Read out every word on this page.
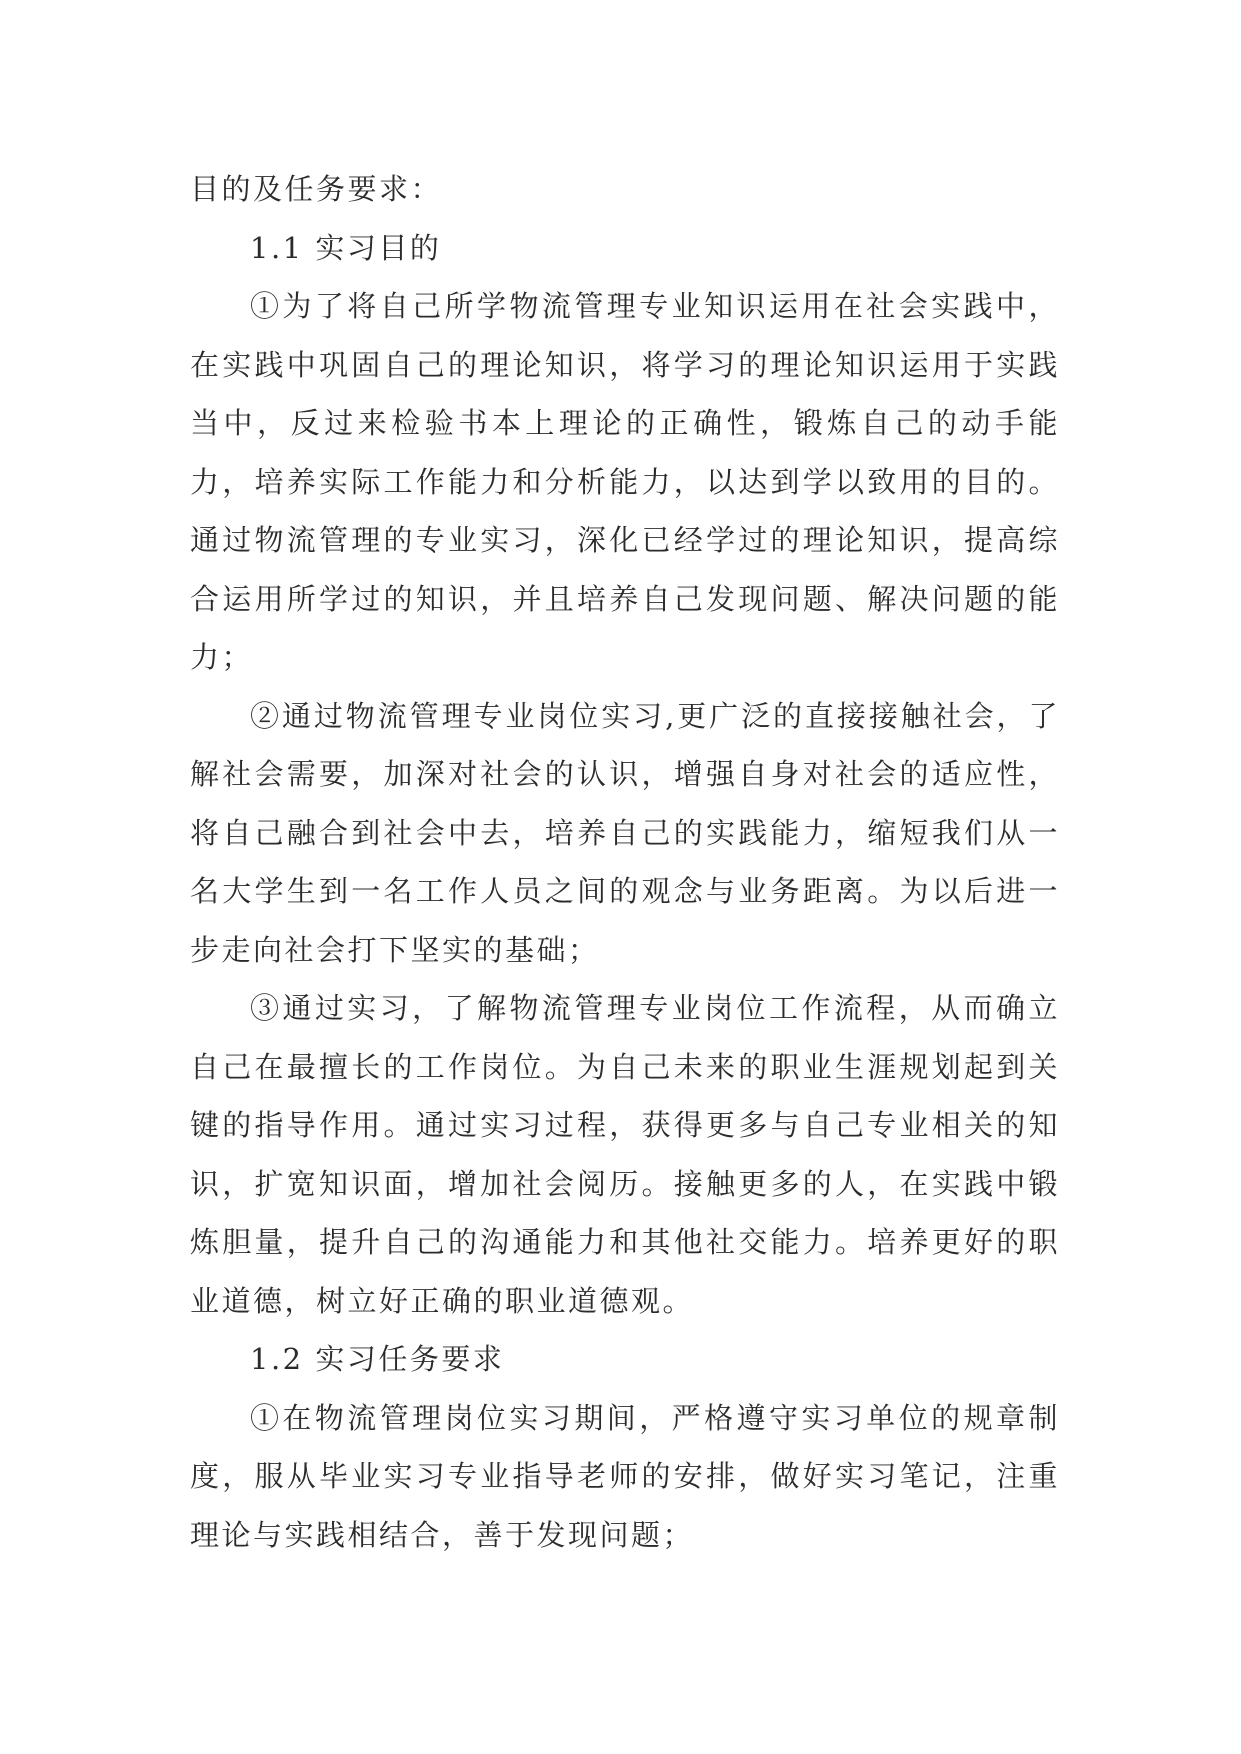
目的及任务要求：

1.1 实习目的

①为了将自己所学物流管理专业知识运用在社会实践中，在实践中巩固自己的理论知识，将学习的理论知识运用于实践当中，反过来检验书本上理论的正确性，锻炼自己的动手能力，培养实际工作能力和分析能力，以达到学以致用的目的。通过物流管理的专业实习，深化已经学过的理论知识，提高综合运用所学过的知识，并且培养自己发现问题、解决问题的能力；

②通过物流管理专业岗位实习,更广泛的直接接触社会，了解社会需要，加深对社会的认识，增强自身对社会的适应性，将自己融合到社会中去，培养自己的实践能力，缩短我们从一名大学生到一名工作人员之间的观念与业务距离。为以后进一步走向社会打下坚实的基础；

③通过实习，了解物流管理专业岗位工作流程，从而确立自己在最擅长的工作岗位。为自己未来的职业生涯规划起到关键的指导作用。通过实习过程，获得更多与自己专业相关的知识，扩宽知识面，增加社会阅历。接触更多的人，在实践中锻炼胆量，提升自己的沟通能力和其他社交能力。培养更好的职业道德，树立好正确的职业道德观。

1.2 实习任务要求

①在物流管理岗位实习期间，严格遵守实习单位的规章制度，服从毕业实习专业指导老师的安排，做好实习笔记，注重理论与实践相结合，善于发现问题；
